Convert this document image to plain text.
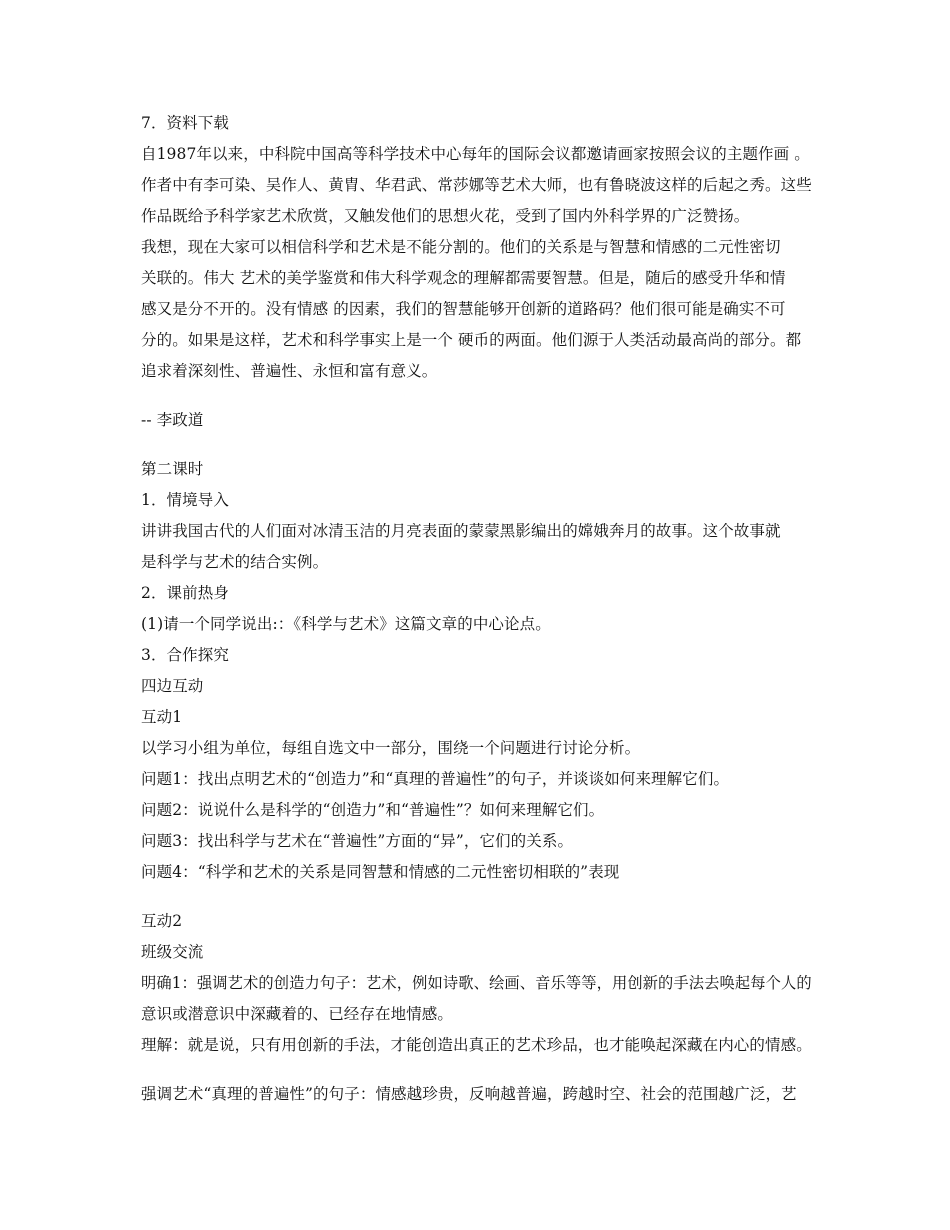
7．资料下载
自1987年以来，中科院中国高等科学技术中心每年的国际会议都邀请画家按照会议的主题作画 。
作者中有李可染、吴作人、黄胄、华君武、常莎娜等艺术大师，也有鲁晓波这样的后起之秀。这些
作品既给予科学家艺术欣赏，又触发他们的思想火花，受到了国内外科学界的广泛赞扬。
我想，现在大家可以相信科学和艺术是不能分割的。他们的关系是与智慧和情感的二元性密切
关联的。伟大 艺术的美学鉴赏和伟大科学观念的理解都需要智慧。但是，随后的感受升华和情
感又是分不开的。没有情感 的因素，我们的智慧能够开创新的道路码？他们很可能是确实不可
分的。如果是这样，艺术和科学事实上是一个 硬币的两面。他们源于人类活动最高尚的部分。都
追求着深刻性、普遍性、永恒和富有意义。
-- 李政道
第二课时
1．情境导入
讲讲我国古代的人们面对冰清玉洁的月亮表面的蒙蒙黑影编出的嫦娥奔月的故事。这个故事就
是科学与艺术的结合实例。
2．课前热身
(1)请一个同学说出:：《科学与艺术》这篇文章的中心论点。
3．合作探究
四边互动
互动1
以学习小组为单位，每组自选文中一部分，围绕一个问题进行讨论分析。
问题1：找出点明艺术的“创造力”和“真理的普遍性”的句子，并谈谈如何来理解它们。
问题2：说说什么是科学的“创造力”和“普遍性”？如何来理解它们。
问题3：找出科学与艺术在“普遍性”方面的“异”，它们的关系。
问题4：“科学和艺术的关系是同智慧和情感的二元性密切相联的”表现
互动2
班级交流
明确1：强调艺术的创造力句子：艺术，例如诗歌、绘画、音乐等等，用创新的手法去唤起每个人的
意识或潜意识中深藏着的、已经存在地情感。
理解：就是说，只有用创新的手法，才能创造出真正的艺术珍品，也才能唤起深藏在内心的情感。
强调艺术“真理的普遍性”的句子：情感越珍贵，反响越普遍，跨越时空、社会的范围越广泛，艺
